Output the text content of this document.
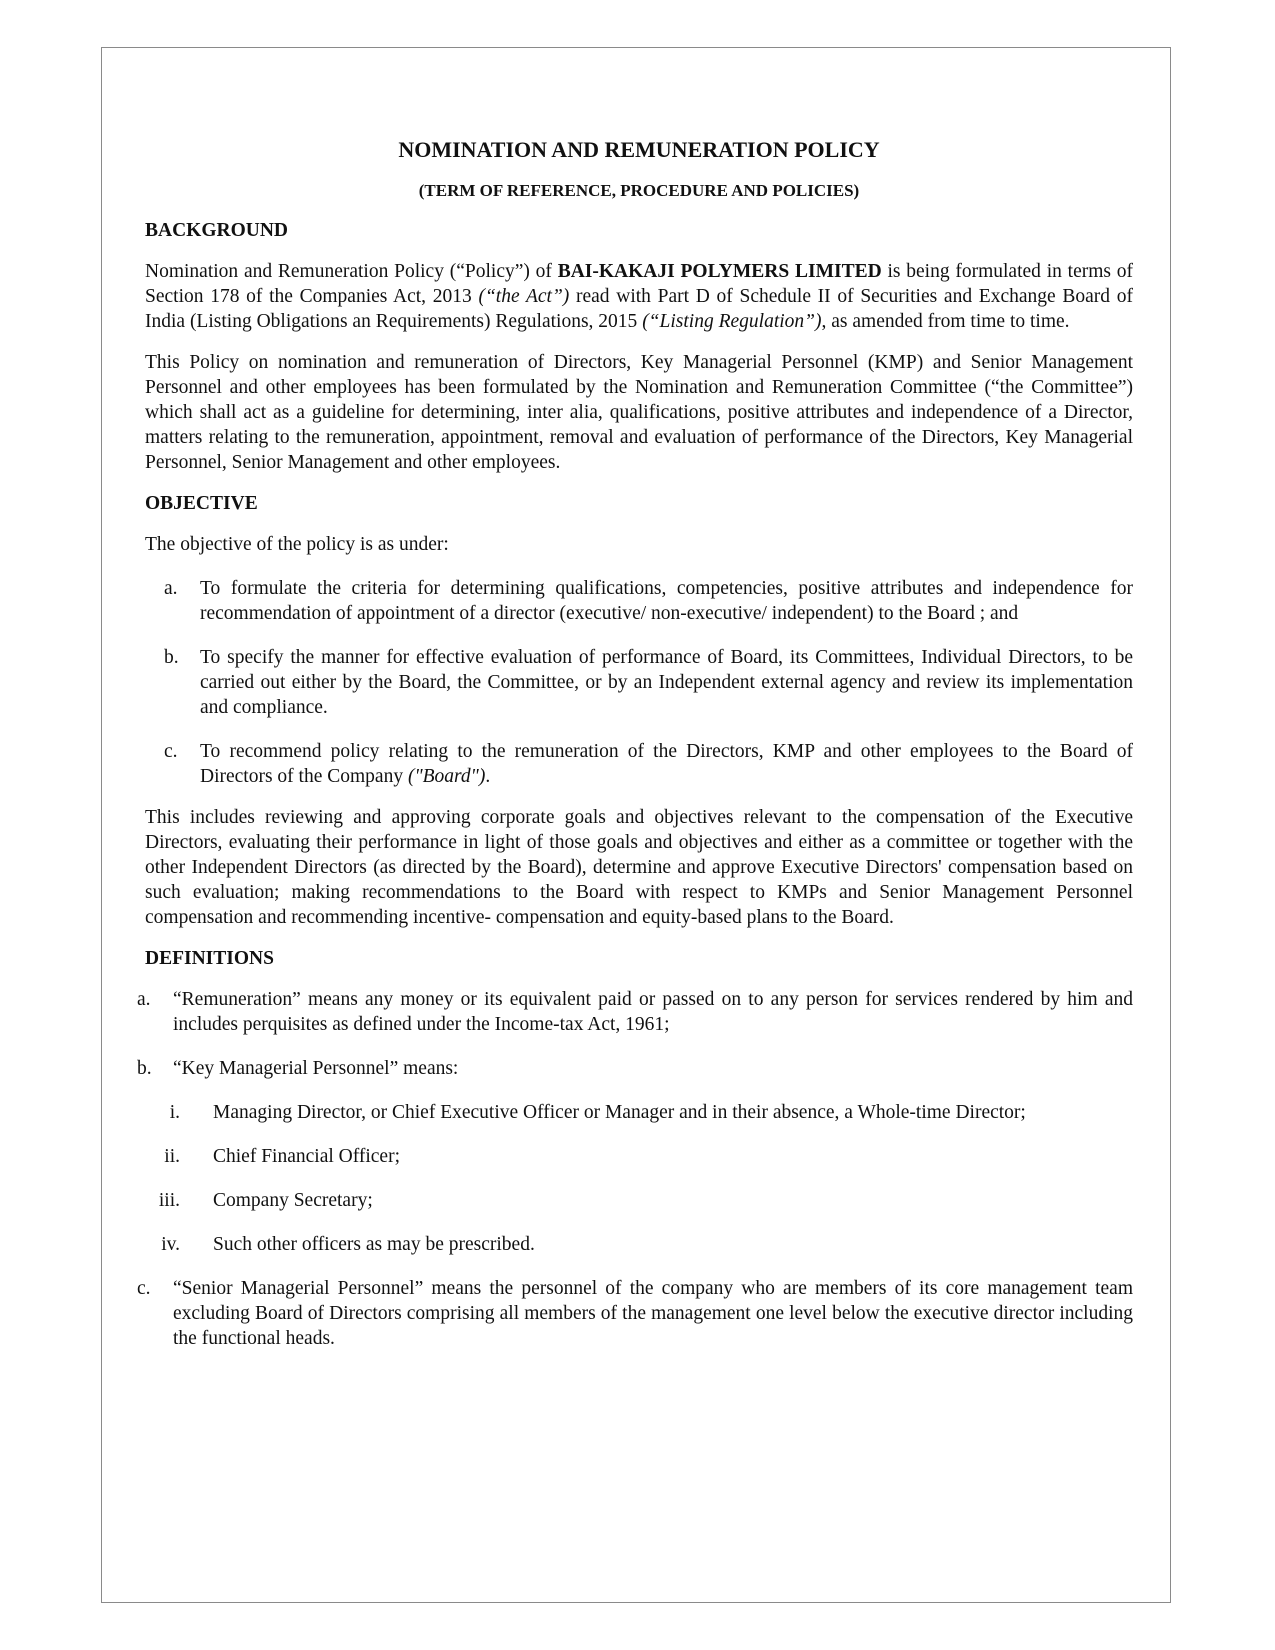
NOMINATION AND REMUNERATION POLICY
(TERM OF REFERENCE, PROCEDURE AND POLICIES)
BACKGROUND

Nomination and Remuneration Policy (“Policy”) of BAI-KAKAJI POLYMERS LIMITED is being formulated in terms of Section 178 of the Companies Act, 2013 (“the Act”) read with Part D of Schedule II of Securities and Exchange Board of India (Listing Obligations an Requirements) Regulations, 2015 (“Listing Regulation”), as amended from time to time.

This Policy on nomination and remuneration of Directors, Key Managerial Personnel (KMP) and Senior Management Personnel and other employees has been formulated by the Nomination and Remuneration Committee (“the Committee”) which shall act as a guideline for determining, inter alia, qualifications, positive attributes and independence of a Director, matters relating to the remuneration, appointment, removal and evaluation of performance of the Directors, Key Managerial Personnel, Senior Management and other employees.

OBJECTIVE

The objective of the policy is as under:

a. To formulate the criteria for determining qualifications, competencies, positive attributes and independence for recommendation of appointment of a director (executive/ non-executive/ independent) to the Board ; and
b. To specify the manner for effective evaluation of performance of Board, its Committees, Individual Directors, to be carried out either by the Board, the Committee, or by an Independent external agency and review its implementation and compliance.
c. To recommend policy relating to the remuneration of the Directors, KMP and other employees to the Board of Directors of the Company ("Board").

This includes reviewing and approving corporate goals and objectives relevant to the compensation of the Executive Directors, evaluating their performance in light of those goals and objectives and either as a committee or together with the other Independent Directors (as directed by the Board), determine and approve Executive Directors' compensation based on such evaluation; making recommendations to the Board with respect to KMPs and Senior Management Personnel compensation and recommending incentive- compensation and equity-based plans to the Board.

DEFINITIONS
a. “Remuneration” means any money or its equivalent paid or passed on to any person for services rendered by him and includes perquisites as defined under the Income-tax Act, 1961;
b. “Key Managerial Personnel” means:
i. Managing Director, or Chief Executive Officer or Manager and in their absence, a Whole-time Director;
ii. Chief Financial Officer;
iii. Company Secretary;
iv. Such other officers as may be prescribed.
c. “Senior Managerial Personnel” means the personnel of the company who are members of its core management team excluding Board of Directors comprising all members of the management one level below the executive director including the functional heads.
